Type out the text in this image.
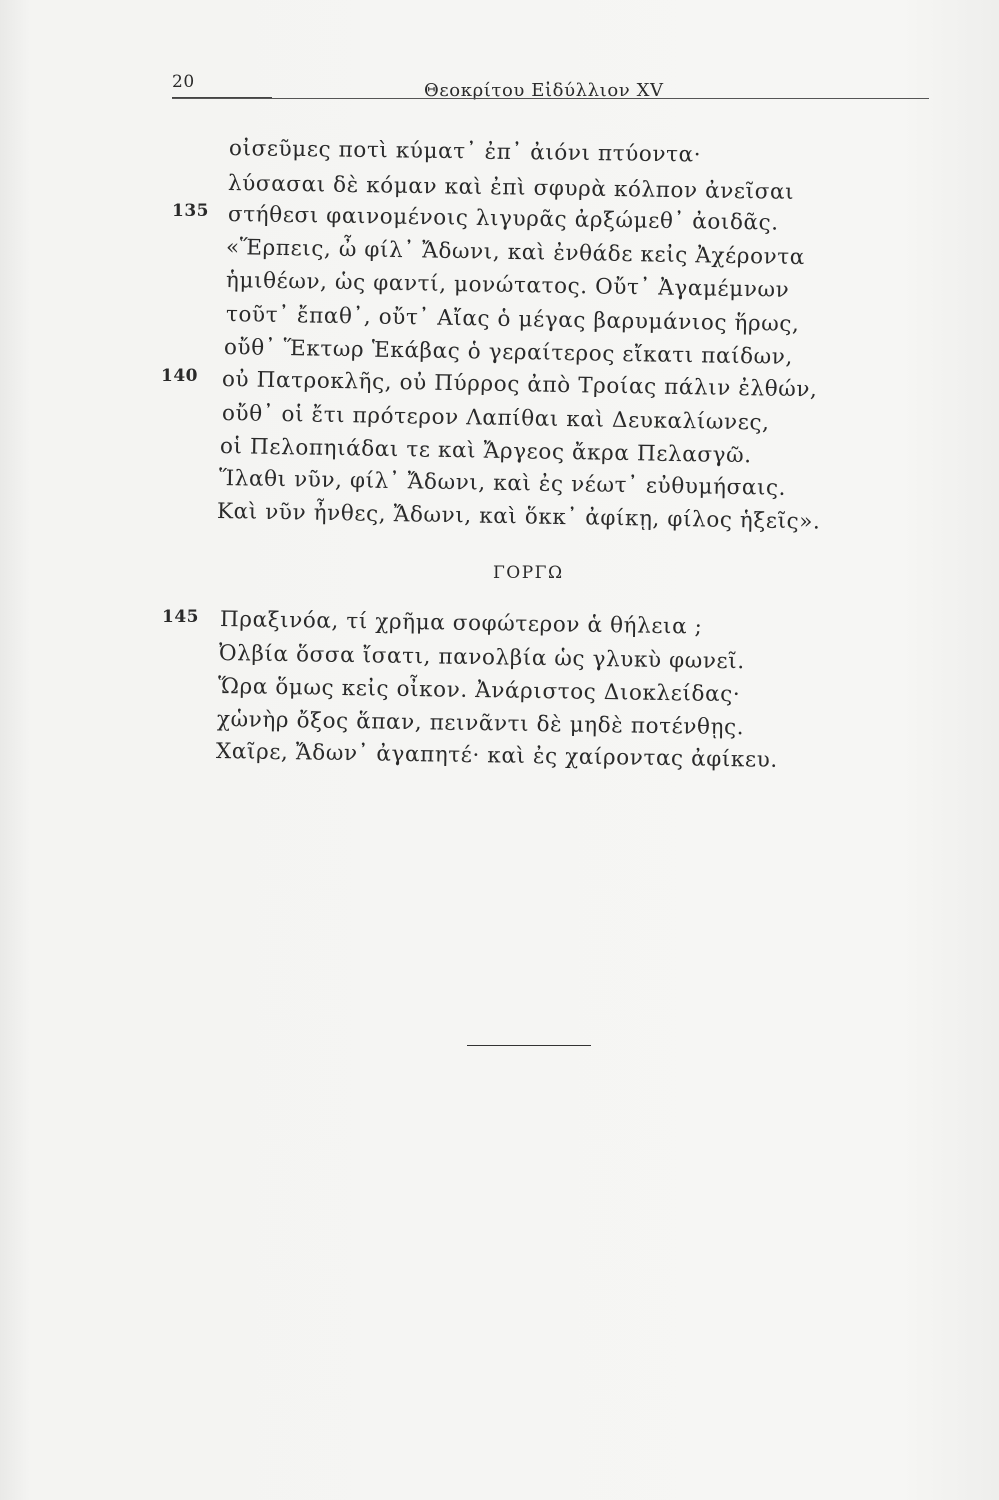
20	Θεοκρίτου Εἰδύλλιον XV
οἰσεῦμες ποτὶ κύματ᾿ ἐπ᾿ ἀιόνι πτύοντα·
λύσασαι δὲ κόμαν καὶ ἐπὶ σφυρὰ κόλπον ἀνεῖσαι
135 στήθεσι φαινομένοις λιγυρᾶς ἀρξώμεθ᾿ ἀοιδᾶς.
«Ἕρπεις, ὦ φίλ᾿ Ἄδωνι, καὶ ἐνθάδε κεἰς Ἀχέροντα
ἡμιθέων, ὡς φαντί, μονώτατος. Οὔτ᾿ Ἀγαμέμνων
τοῦτ᾿ ἔπαθ᾿, οὔτ᾿ Αἴας ὁ μέγας βαρυμάνιος ἥρως,
οὔθ᾿ Ἕκτωρ Ἑκάβας ὁ γεραίτερος εἴκατι παίδων,
140 οὐ Πατροκλῆς, οὐ Πύρρος ἀπὸ Τροίας πάλιν ἐλθών,
οὔθ᾿ οἱ ἔτι πρότερον Λαπίθαι καὶ Δευκαλίωνες,
οἱ Πελοπηιάδαι τε καὶ Ἄργεος ἄκρα Πελασγῶ.
Ἵλαθι νῦν, φίλ᾿ Ἄδωνι, καὶ ἐς νέωτ᾿ εὐθυμήσαις.
Καὶ νῦν ἦνθες, Ἄδωνι, καὶ ὅκκ᾿ ἀφίκῃ, φίλος ἡξεῖς».
ΓΟΡΓΩ
145 Πραξινόα, τί χρῆμα σοφώτερον ἁ θήλεια ;
Ὀλβία ὅσσα ἴσατι, πανολβία ὡς γλυκὺ φωνεῖ.
Ὥρα ὅμως κεἰς οἶκον. Ἀνάριστος Διοκλείδας·
χὡνὴρ ὄξος ἅπαν, πεινᾶντι δὲ μηδὲ ποτένθῃς.
Χαῖρε, Ἄδων᾿ ἀγαπητέ· καὶ ἐς χαίροντας ἀφίκευ.
